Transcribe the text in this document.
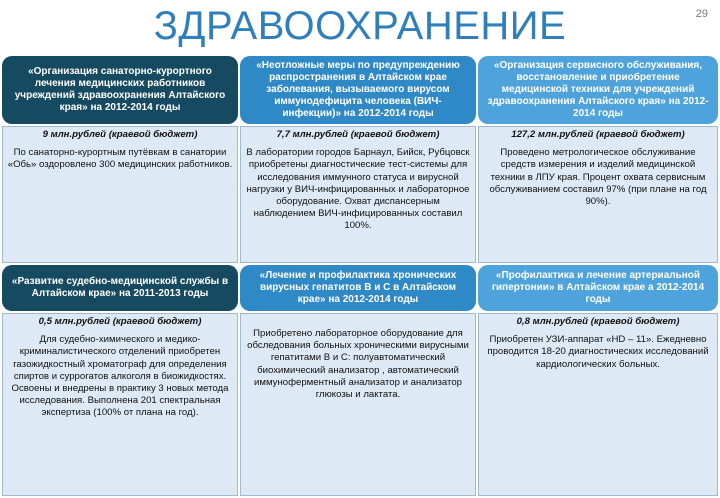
ЗДРАВООХРАНЕНИЕ	29
«Организация санаторно-курортного лечения медицинских работников учреждений здравоохранения Алтайского края» на 2012-2014 годы
«Неотложные меры по предупреждению распространения в Алтайском крае заболевания, вызываемого вирусом иммунодефицита человека (ВИЧ-инфекции)» на 2012-2014 годы
«Организация сервисного обслуживания, восстановление и приобретение медицинской техники для учреждений здравоохранения Алтайского края» на 2012-2014 годы

9 млн.рублей (краевой бюджет)

По санаторно-курортным путёвкам в санатории «Обь» оздоровлено 300 медицинских работников.

7,7 млн.рублей (краевой бюджет)

В лаборатории городов Барнаул, Бийск, Рубцовск приобретены диагностические тест-системы для исследования иммунного статуса и вирусной нагрузки у ВИЧ-инфицированных и лабораторное оборудование. Охват диспансерным наблюдением ВИЧ-инфицированных составил 100%.

127,2 млн.рублей (краевой бюджет)

Проведено метрологическое обслуживание средств измерения и изделий медицинской техники в ЛПУ края. Процент охвата сервисным обслуживанием составил 97% (при плане на год 90%).

«Развитие судебно-медицинской службы в Алтайском крае» на 2011-2013 годы
«Лечение и профилактика хронических вирусных гепатитов В и С в Алтайском крае» на 2012-2014 годы
«Профилактика и лечение артериальной гипертонии» в Алтайском крае а 2012-2014 годы

0,5 млн.рублей (краевой бюджет)

Для судебно-химического и медико-криминалистического отделений приобретен газожидкостный хроматограф для определения спиртов и суррогатов алкоголя в биожидкостях. Освоены и внедрены в практику 3 новых метода исследования. Выполнена 201 спектральная экспертиза (100% от плана на год).

Приобретено лабораторное оборудование для обследования больных хроническими вирусными гепатитами В и С: полуавтоматический биохимический анализатор , автоматический иммуноферментный анализатор и анализатор глюкозы и лактата.

0,8 млн.рублей (краевой бюджет)

Приобретен УЗИ-аппарат «HD – 11». Ежедневно проводится 18-20 диагностических исследований кардиологических больных.
